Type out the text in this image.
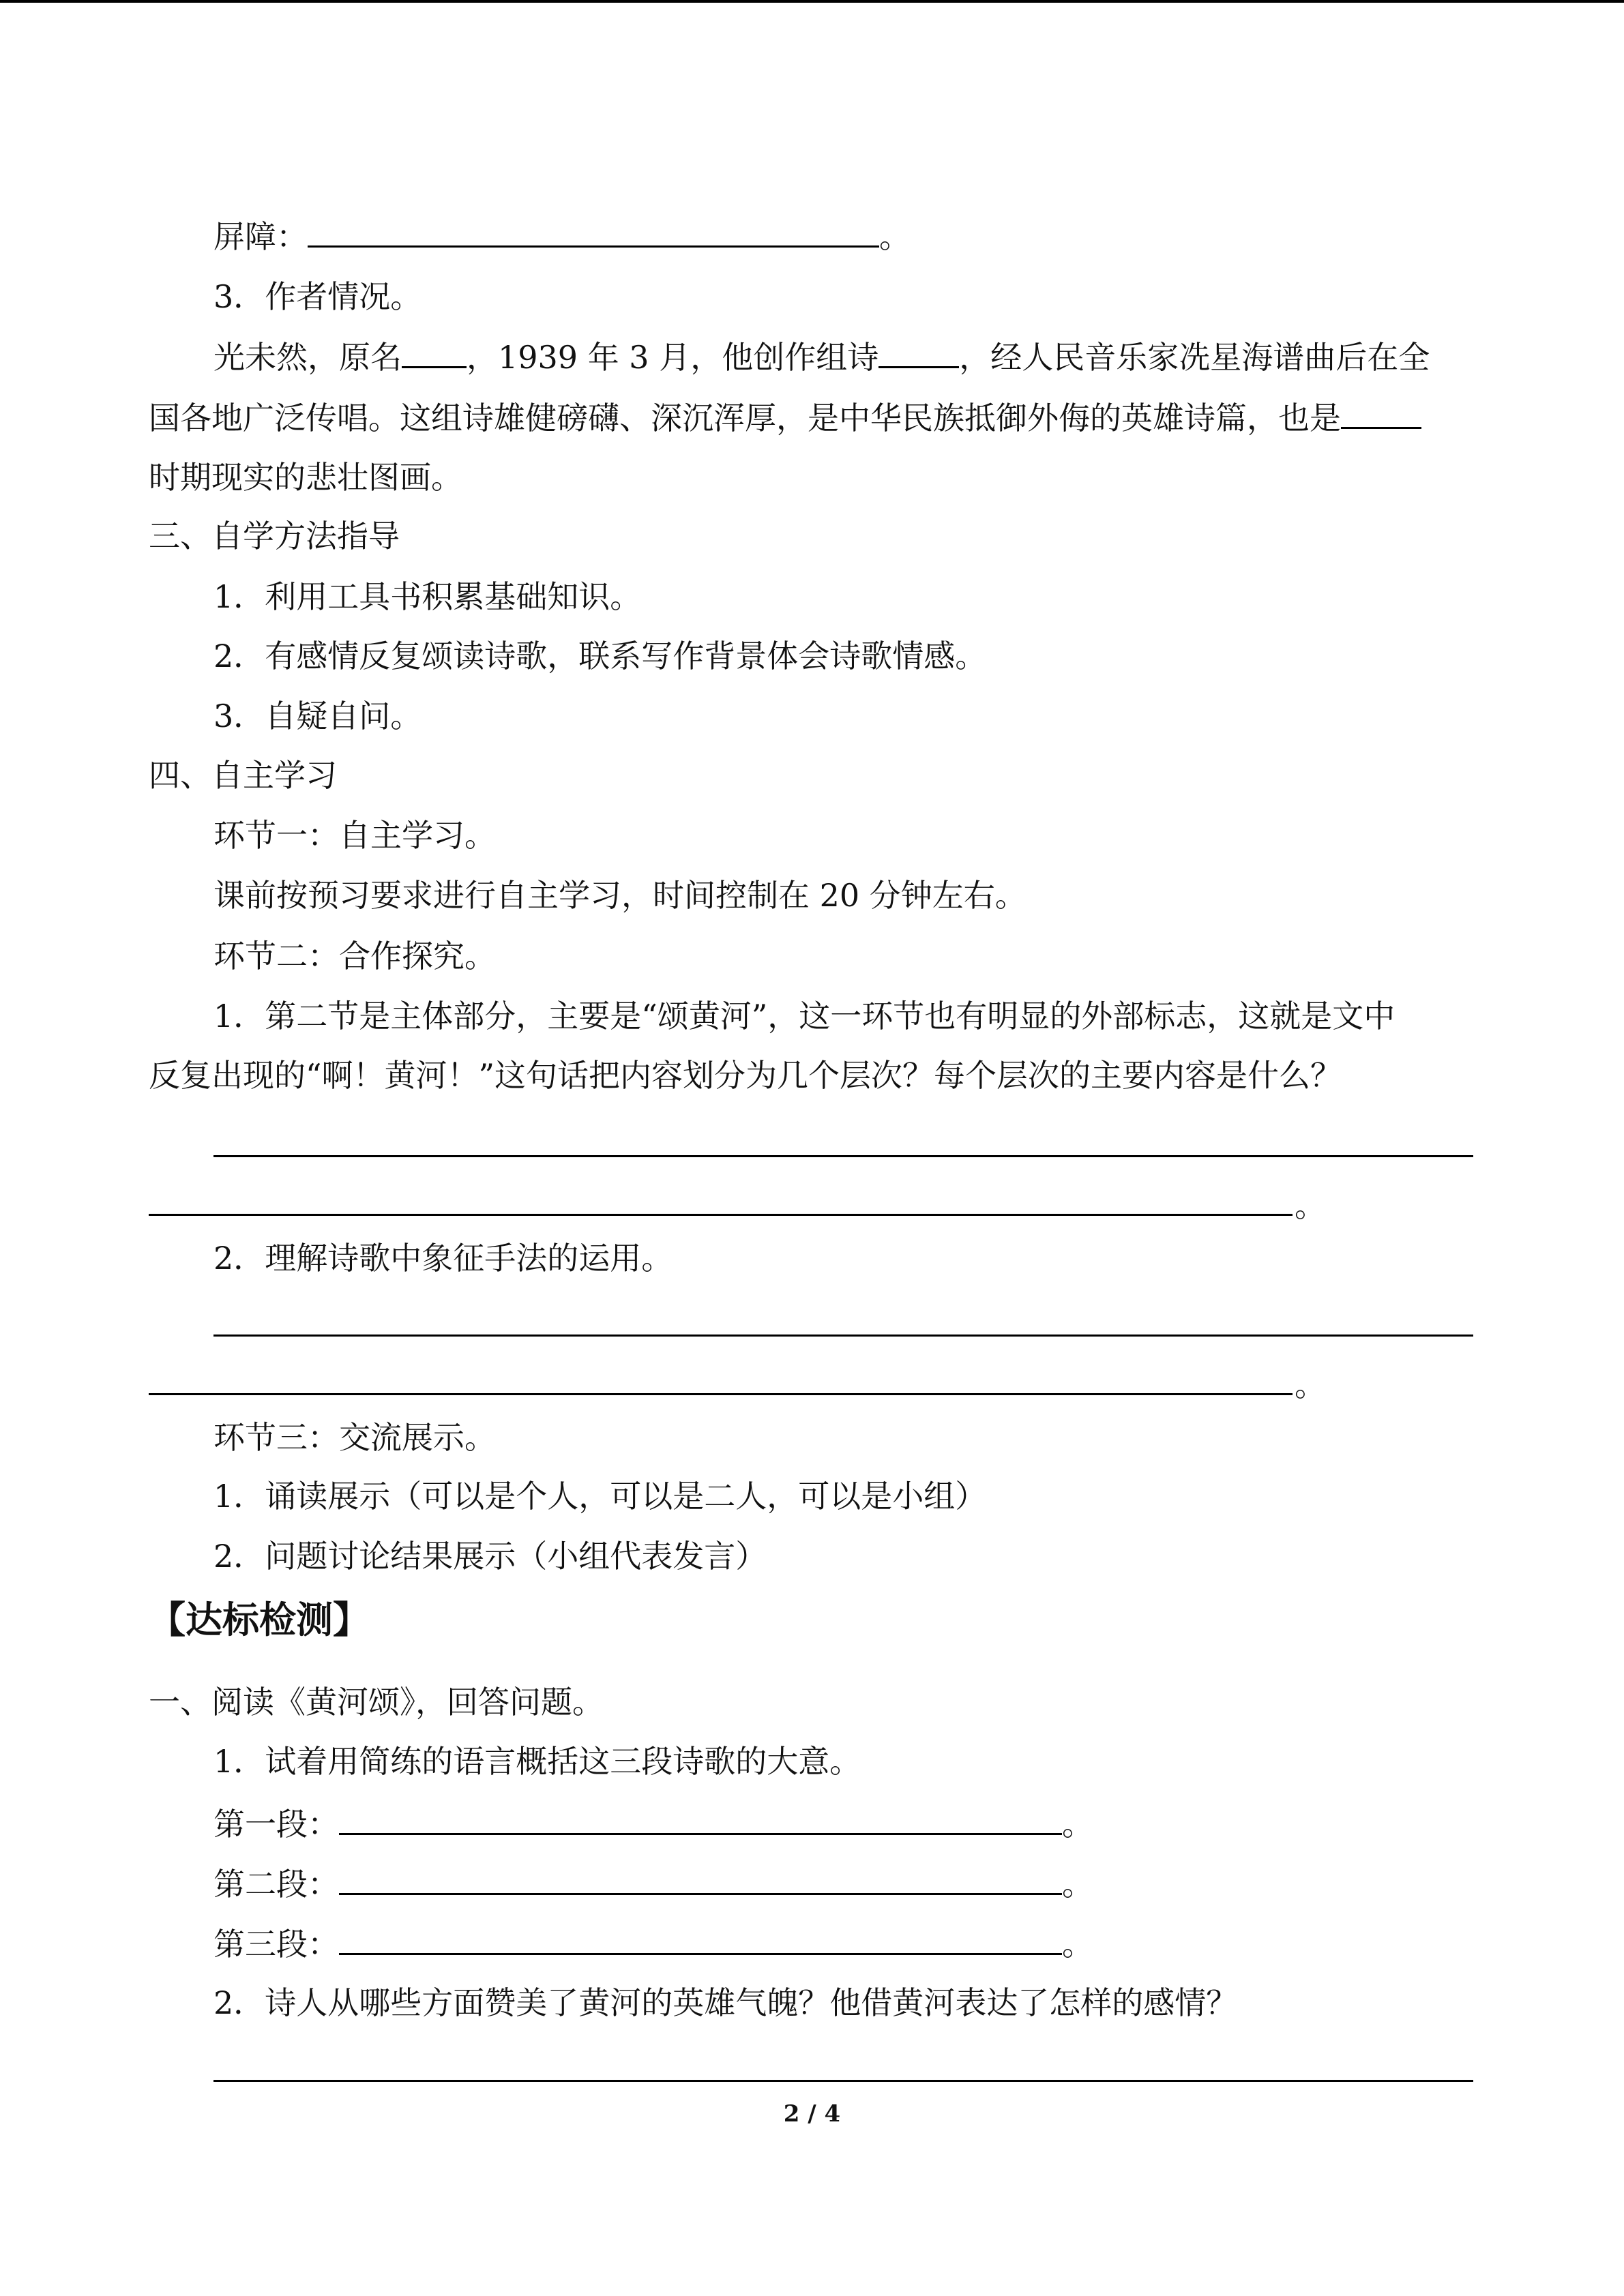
屏障：	。
3．作者情况。
光未然，原名 ，1939 年 3 月，他创作组诗	，经人民音乐家冼星海谱曲后在全
国各地广泛传唱。这组诗雄健磅礴、深沉浑厚，是中华民族抵御外侮的英雄诗篇，也是
时期现实的悲壮图画。
三、自学方法指导
1．利用工具书积累基础知识。
2．有感情反复颂读诗歌，联系写作背景体会诗歌情感。
3．自疑自问。
四、自主学习
环节一：自主学习。
课前按预习要求进行自主学习，时间控制在 20 分钟左右。
环节二：合作探究。
1．第二节是主体部分，主要是“颂黄河”，这一环节也有明显的外部标志，这就是文中
反复出现的“啊！黄河！”这句话把内容划分为几个层次？每个层次的主要内容是什么？
。
2．理解诗歌中象征手法的运用。
。
环节三：交流展示。
1．诵读展示（可以是个人，可以是二人，可以是小组）
2．问题讨论结果展示（小组代表发言）
【达标检测】
一、阅读《黄河颂》，回答问题。
1．试着用简练的语言概括这三段诗歌的大意。
第一段：	。
第二段：	。
第三段：	。
2．诗人从哪些方面赞美了黄河的英雄气魄？他借黄河表达了怎样的感情？
2 / 4
